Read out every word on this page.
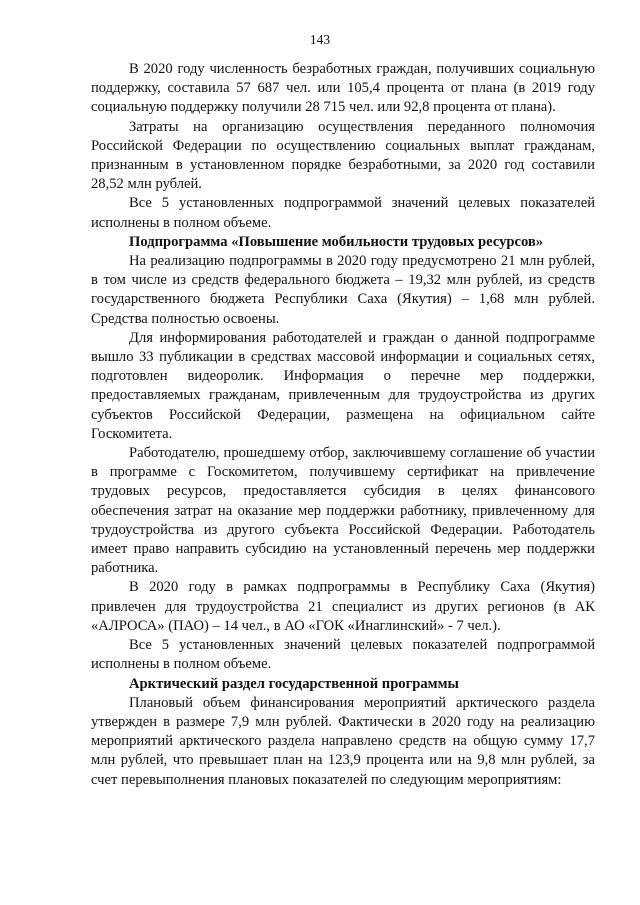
143

В 2020 году численность безработных граждан, получивших социальную поддержку, составила 57 687 чел. или 105,4 процента от плана (в 2019 году социальную поддержку получили 28 715 чел. или 92,8 процента от плана).

Затраты на организацию осуществления переданного полномочия Российской Федерации по осуществлению социальных выплат гражданам, признанным в установленном порядке безработными, за 2020 год составили 28,52 млн рублей.

Все 5 установленных подпрограммой значений целевых показателей исполнены в полном объеме.

Подпрограмма «Повышение мобильности трудовых ресурсов»

На реализацию подпрограммы в 2020 году предусмотрено 21 млн рублей, в том числе из средств федерального бюджета – 19,32 млн рублей, из средств государственного бюджета Республики Саха (Якутия) – 1,68 млн рублей. Средства полностью освоены.

Для информирования работодателей и граждан о данной подпрограмме вышло 33 публикации в средствах массовой информации и социальных сетях, подготовлен видеоролик. Информация о перечне мер поддержки, предоставляемых гражданам, привлеченным для трудоустройства из других субъектов Российской Федерации, размещена на официальном сайте Госкомитета.

Работодателю, прошедшему отбор, заключившему соглашение об участии в программе с Госкомитетом, получившему сертификат на привлечение трудовых ресурсов, предоставляется субсидия в целях финансового обеспечения затрат на оказание мер поддержки работнику, привлеченному для трудоустройства из другого субъекта Российской Федерации. Работодатель имеет право направить субсидию на установленный перечень мер поддержки работника.

В 2020 году в рамках подпрограммы в Республику Саха (Якутия) привлечен для трудоустройства 21 специалист из других регионов (в АК «АЛРОСА» (ПАО) – 14 чел., в АО «ГОК «Инаглинский» - 7 чел.).

Все 5 установленных значений целевых показателей подпрограммой исполнены в полном объеме.

Арктический раздел государственной программы

Плановый объем финансирования мероприятий арктического раздела утвержден в размере 7,9 млн рублей. Фактически в 2020 году на реализацию мероприятий арктического раздела направлено средств на общую сумму 17,7 млн рублей, что превышает план на 123,9 процента или на 9,8 млн рублей, за счет перевыполнения плановых показателей по следующим мероприятиям:
